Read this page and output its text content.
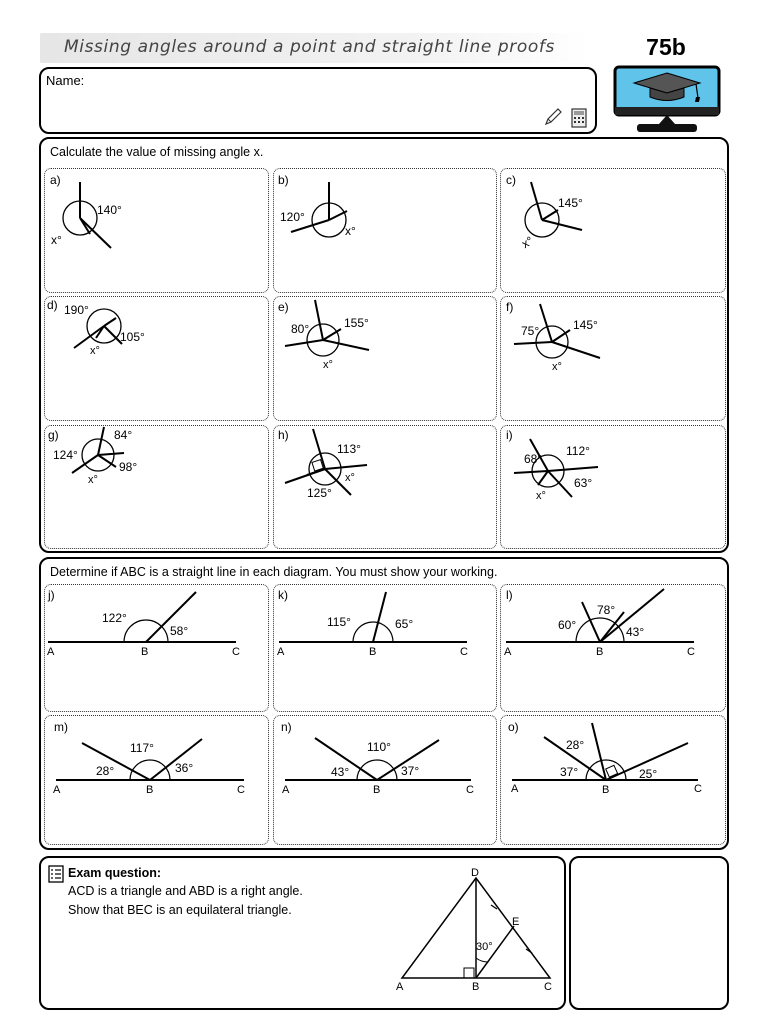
Missing angles around a point and straight line proofs	75b
Name:
Calculate the value of missing angle x.
a)
140°
x°
b)
120°
x°
c)
145°
x°
d) 190°
105°
x°
e)
80°	155°
x°
f)
75°	145°
x°
g)	84°
124°
98°
x°
h)
113°
125°
x°
i)
112°
68°
63°
x°
Determine if ABC is a straight line in each diagram. You must show your working.
j)
122°
58°
A	B	C
k)
115°	65°
A	B	C
l)
78°
60°	43°
A	B	C
m)
117°
28°	36°
A	B	C
n)
110°
43°	37°
A	B	C
o)
28°
37°	25°
A	B	C
Exam question:
ACD is a triangle and ABD is a right angle.
Show that BEC is an equilateral triangle.
D
E
A	B	C
30°
